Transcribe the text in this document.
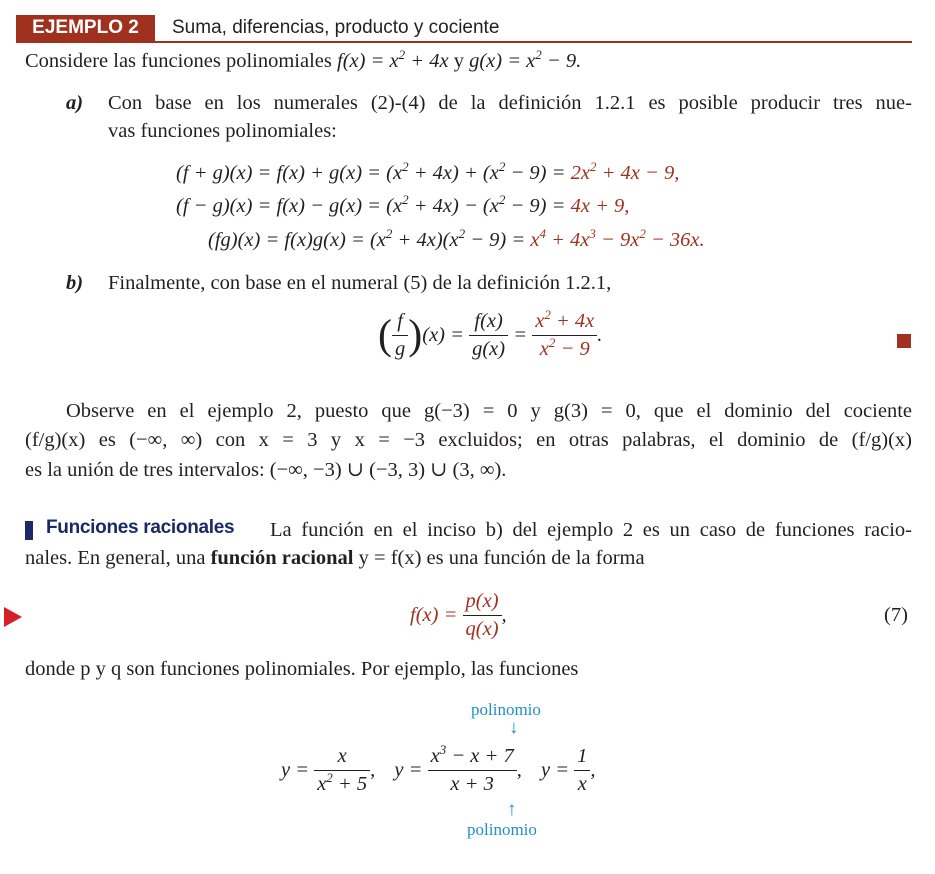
EJEMPLO 2	Suma, diferencias, producto y cociente
Considere las funciones polinomiales $f(x) = x^2 + 4x$ y $g(x) = x^2 - 9$.
a) Con base en los numerales (2)-(4) de la definición 1.2.1 es posible producir tres nue-
vas funciones polinomiales:
$(f + g)(x) = f(x) + g(x) = (x^2 + 4x) + (x^2 - 9) = 2x^2 + 4x - 9$,
$(f - g)(x) = f(x) - g(x) = (x^2 + 4x) - (x^2 - 9) = 4x + 9$,
$(fg)(x) = f(x)g(x) = (x^2 + 4x)(x^2 - 9) = x^4 + 4x^3 - 9x^2 - 36x$.
b) Finalmente, con base en el numeral (5) de la definición 1.2.1,
( $\frac{f}{g} )(x) = \frac{f(x)}{g(x)} = \frac{x^2 + 4x}{x^2 - 9}$ .
Observe en el ejemplo 2, puesto que g(−3) = 0 y g(3) = 0, que el dominio del cociente
(f/g)(x) es (−∞, ∞) con x = 3 y x = −3 excluidos; en otras palabras, el dominio de (f/g)(x)
es la unión de tres intervalos: (−∞, −3) ∪ (−3, 3) ∪ (3, ∞).
Funciones racionales La función en el inciso b) del ejemplo 2 es un caso de funciones racio-
nales. En general, una función racional y = f(x) es una función de la forma
$f(x) = \frac{p(x)}{q(x)}$ ,	(7)
donde p y q son funciones polinomiales. Por ejemplo, las funciones
polinomio
↓
$y = \frac{x}{x^2 + 5}$ , $y = \frac{x^3 - x + 7}{x + 3}$ , $y = \frac{1}{x}$ ,
↑
polinomio
